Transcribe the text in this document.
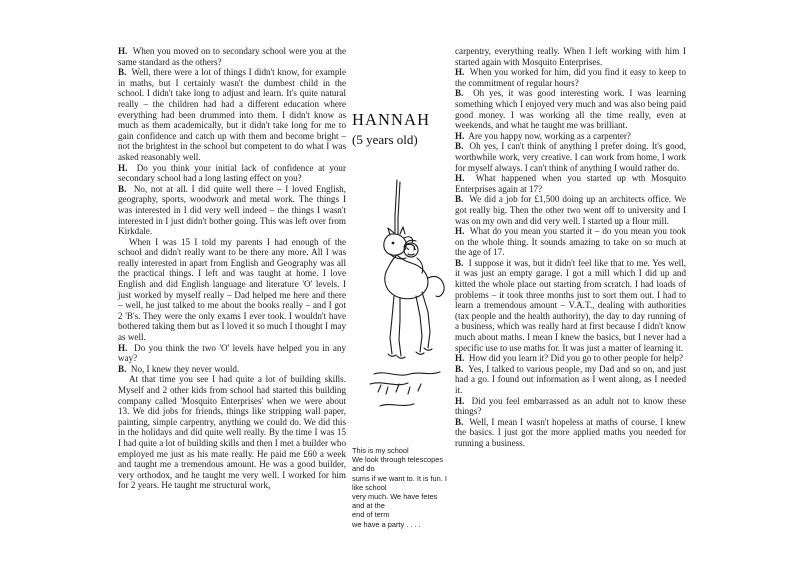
H. When you moved on to secondary school were you at the same standard as the others?

B. Well, there were a lot of things I didn't know, for example in maths, but I certainly wasn't the dumbest child in the school. I didn't take long to adjust and learn. It's quite natural really – the children had had a different education where everything had been drummed into them. I didn't know as much as them academically, but it didn't take long for me to gain confidence and catch up with them and become bright – not the brightest in the school but competent to do what I was asked reasonably well.

H. Do you think your initial lack of confidence at your secondary school had a long lasting effect on you?

B. No, not at all. I did quite well there – I loved English, geography, sports, woodwork and metal work. The things I was interested in I did very well indeed – the things I wasn't interested in I just didn't bother going. This was left over from Kirkdale.

When I was 15 I told my parents I had enough of the school and didn't really want to be there any more. All I was really interested in apart from English and Geography was all the practical things. I left and was taught at home. I love English and did English language and literature 'O' levels. I just worked by myself really – Dad helped me here and there – well, he just talked to me about the books really – and I got 2 'B's. They were the only exams I ever took. I wouldn't have bothered taking them but as I loved it so much I thought I may as well.

H. Do you think the two 'O' levels have helped you in any way?

B. No, I knew they never would.

At that time you see I had quite a lot of building skills. Myself and 2 other kids from school had started this building company called 'Mosquito Enterprises' when we were about 13. We did jobs for friends, things like stripping wall paper, painting, simple carpentry, anything we could do. We did this in the holidays and did quite well really. By the time I was 15 I had quite a lot of building skills and then I met a builder who employed me just as his mate really. He paid me £60 a week and taught me a tremendous amount. He was a good builder, very orthodox, and he taught me very well. I worked for him for 2 years. He taught me structural work,

HANNAH

(5 years old)

This is my school

We look through telescopes and do

sums if we want to. It is fun. I like school

very much. We have fetes and at the

end of term

we have a party . . . .

carpentry, everything really. When I left working with him I started again with Mosquito Enterprises.

H. When you worked for him, did you find it easy to keep to the commitment of regular hours?

B. Oh yes, it was good interesting work. I was learning something which I enjoyed very much and was also being paid good money. I was working all the time really, even at weekends, and what he taught me was brilliant.

H. Are you happy now, working as a carpenter?

B. Oh yes, I can't think of anything I prefer doing. It's good, worthwhile work, very creative. I can work from home, I work for myself always. I can't think of anything I would rather do.

H. What happened when you started up wth Mosquito Enterprises again at 17?

B. We did a job for £1,500 doing up an architects office. We got really big. Then the other two went off to university and I was on my own and did very well. I started up a flour mill.

H. What do you mean you started it – do you mean you took on the whole thing. It sounds amazing to take on so much at the age of 17.

B. I suppose it was, but it didn't feel like that to me. Yes well, it was just an empty garage. I got a mill which I did up and kitted the whole place out starting from scratch. I had loads of problems – it took three months just to sort them out. I had to learn a tremendous amount – V.A.T., dealing with authorities (tax people and the health authority), the day to day running of a business, which was really hard at first because I didn't know much about maths. I mean I knew the basics, but I never had a specific use to use maths for. It was just a matter of learning it.

H. How did you learn it? Did you go to other people for help?

B. Yes, I talked to various people, my Dad and so on, and just had a go. I found out information as I went along, as I needed it.

H. Did you feel embarrassed as an adult not to know these things?

B. Well, I mean I wasn't hopeless at maths of course. I knew the basics. I just got the more applied maths you needed for running a business.
